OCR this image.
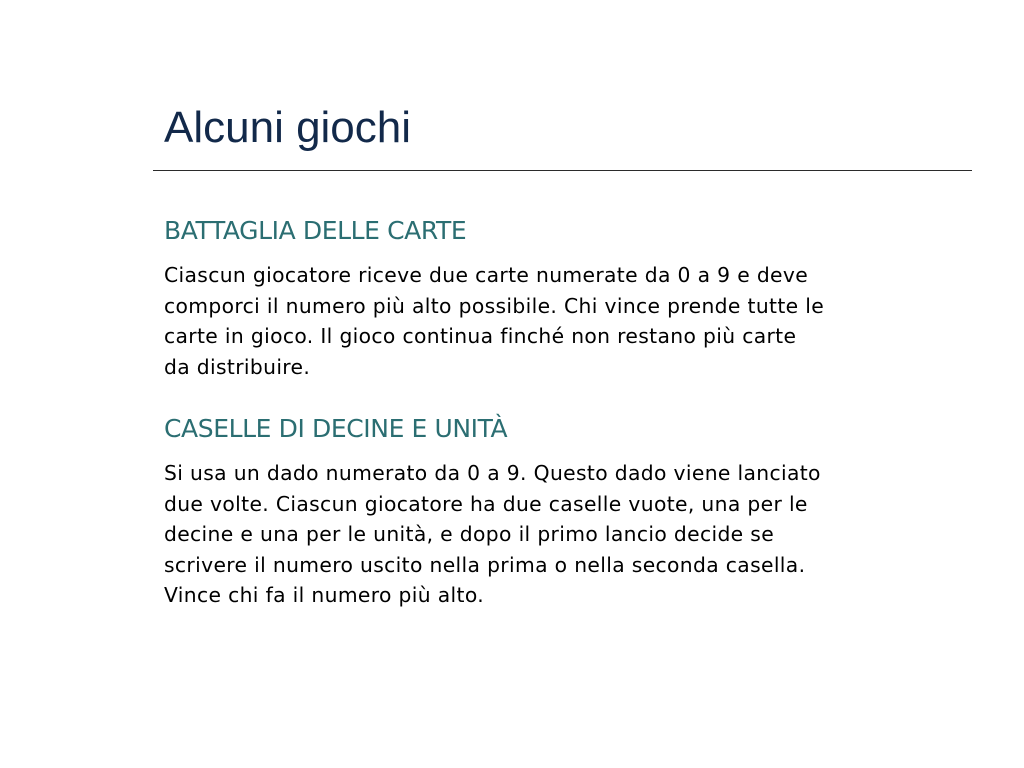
Alcuni giochi
BATTAGLIA DELLE CARTE

Ciascun giocatore riceve due carte numerate da 0 a 9 e deve
comporci il numero più alto possibile. Chi vince prende tutte le
carte in gioco. Il gioco continua finché non restano più carte
da distribuire.

CASELLE DI DECINE E UNITÀ

Si usa un dado numerato da 0 a 9. Questo dado viene lanciato
due volte. Ciascun giocatore ha due caselle vuote, una per le
decine e una per le unità, e dopo il primo lancio decide se
scrivere il numero uscito nella prima o nella seconda casella.
Vince chi fa il numero più alto.
